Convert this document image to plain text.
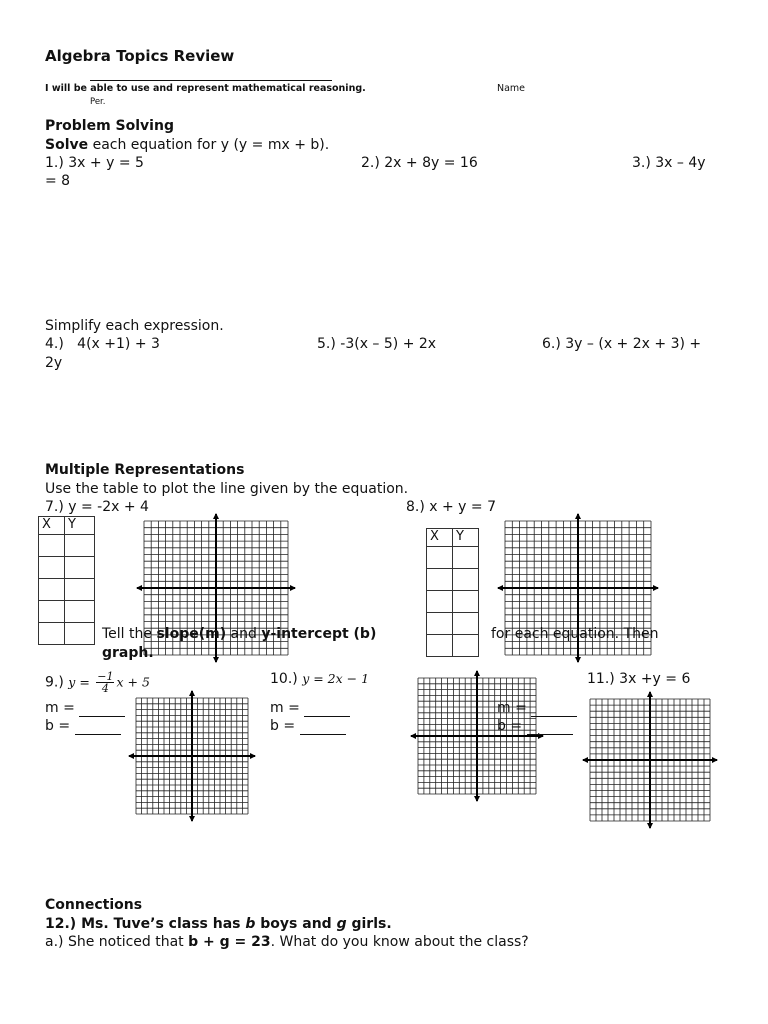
Algebra Topics Review
I will be able to use and represent mathematical reasoning.	Name
Per.
Problem Solving
Solve each equation for y (y = mx + b).
1.) 3x + y = 5	2.) 2x + 8y = 16	3.) 3x – 4y
= 8
Simplify each expression.
4.)   4(x +1) + 3	5.) -3(x – 5) + 2x	6.) 3y – (x + 2x + 3) +
2y
Multiple Representations
Use the table to plot the line given by the equation.
7.) y = -2x + 4	8.) x + y = 7
X	Y

X	Y

Tell the slope(m) and y-intercept (b)	for each equation. Then
graph.
9.) $y = \frac{-1}{4}$ x + 5
m =
b =
10.) y = 2x − 1
m =
b =
11.) 3x +y = 6
m =
b =
Connections
12.) Ms. Tuve’s class has b boys and g girls.
a.) She noticed that b + g = 23. What do you know about the class?
